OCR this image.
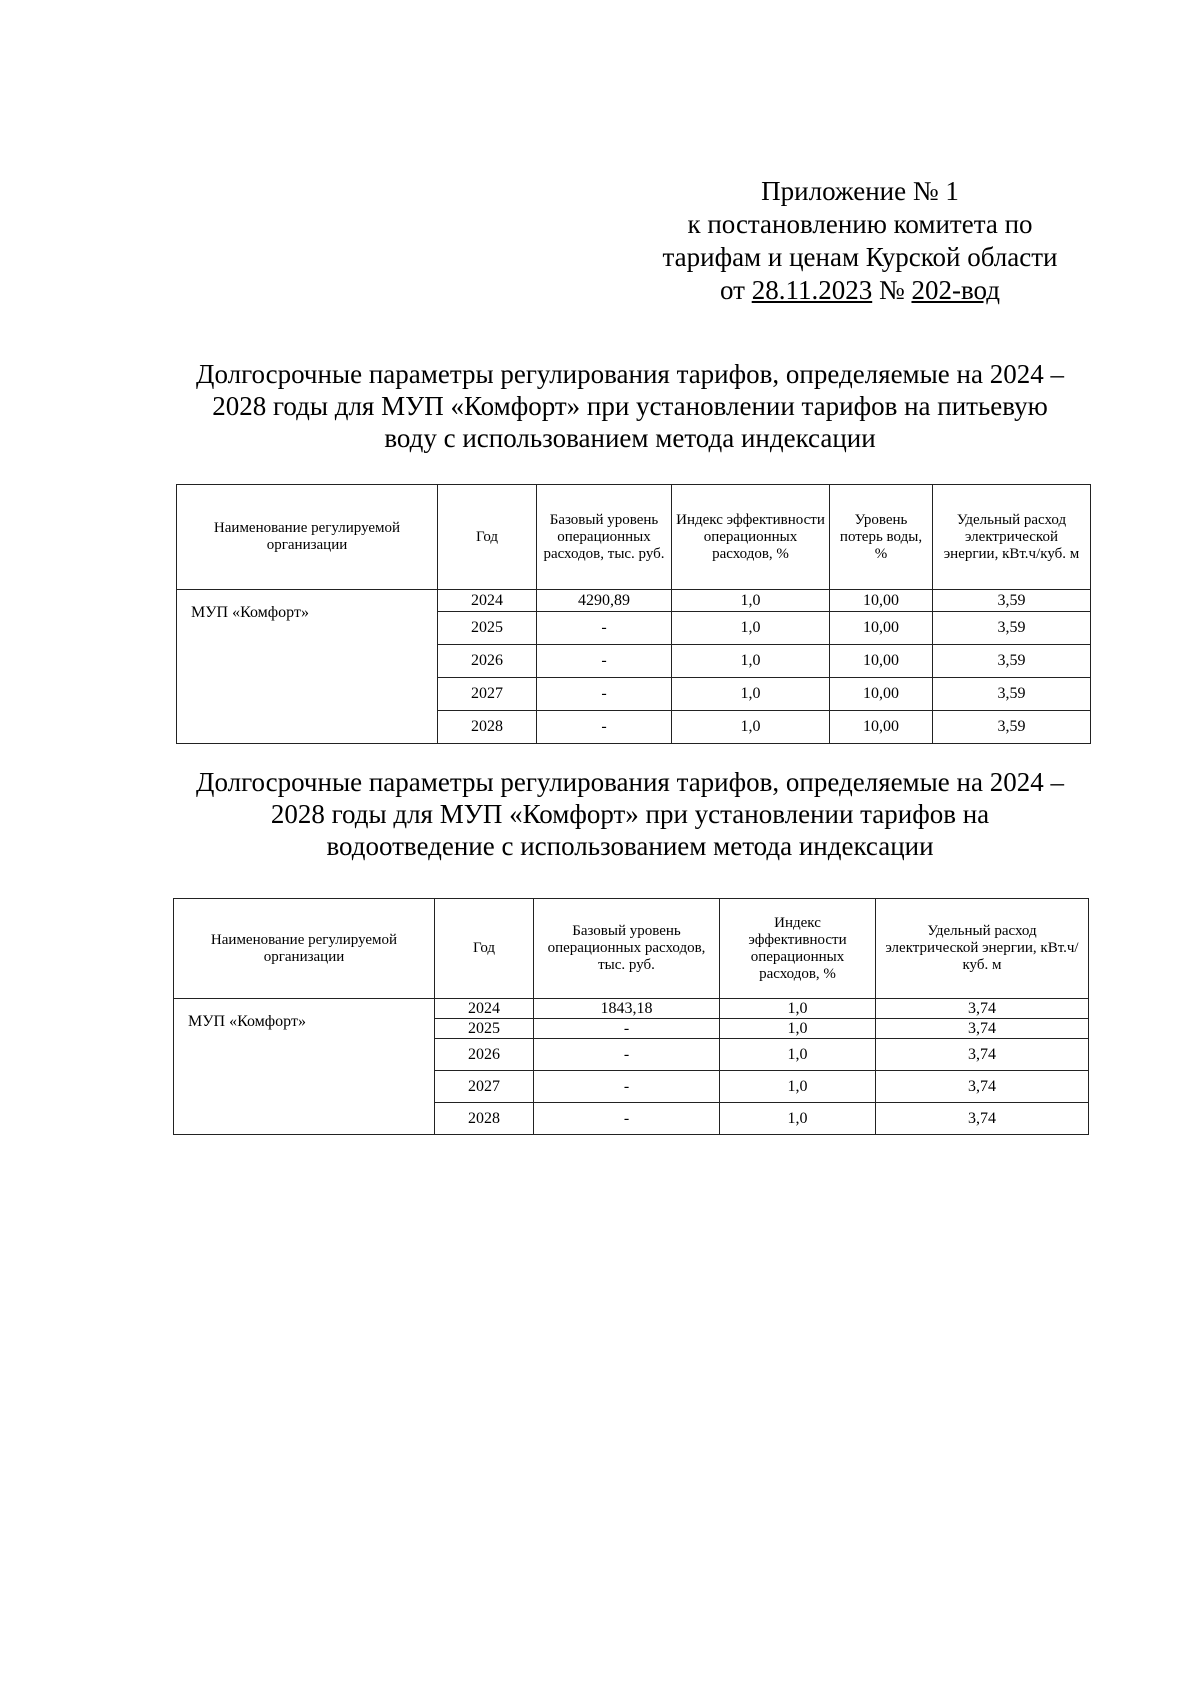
Приложение № 1
к постановлению комитета по
тарифам и ценам Курской области
от 28.11.2023 № 202-вод
Долгосрочные параметры регулирования тарифов, определяемые на 2024 –
2028 годы для МУП «Комфорт» при установлении тарифов на питьевую
воду с использованием метода индексации
Наименование регулируемой организации	Год	Базовый уровень операционных расходов, тыс. руб.	Индекс эффективности операционных расходов, %	Уровень потерь воды, %	Удельный расход электрической энергии, кВт.ч/куб. м
МУП «Комфорт»	2024	4290,89	1,0	10,00	3,59
	2025	-	1,0	10,00	3,59
	2026	-	1,0	10,00	3,59
	2027	-	1,0	10,00	3,59
	2028	-	1,0	10,00	3,59
Долгосрочные параметры регулирования тарифов, определяемые на 2024 –
2028 годы для МУП «Комфорт» при установлении тарифов на
водоотведение с использованием метода индексации
Наименование регулируемой организации	Год	Базовый уровень операционных расходов, тыс. руб.	Индекс эффективности операционных расходов, %	Удельный расход электрической энергии, кВт.ч/куб. м
МУП «Комфорт»	2024	1843,18	1,0	3,74
	2025	-	1,0	3,74
	2026	-	1,0	3,74
	2027	-	1,0	3,74
	2028	-	1,0	3,74
